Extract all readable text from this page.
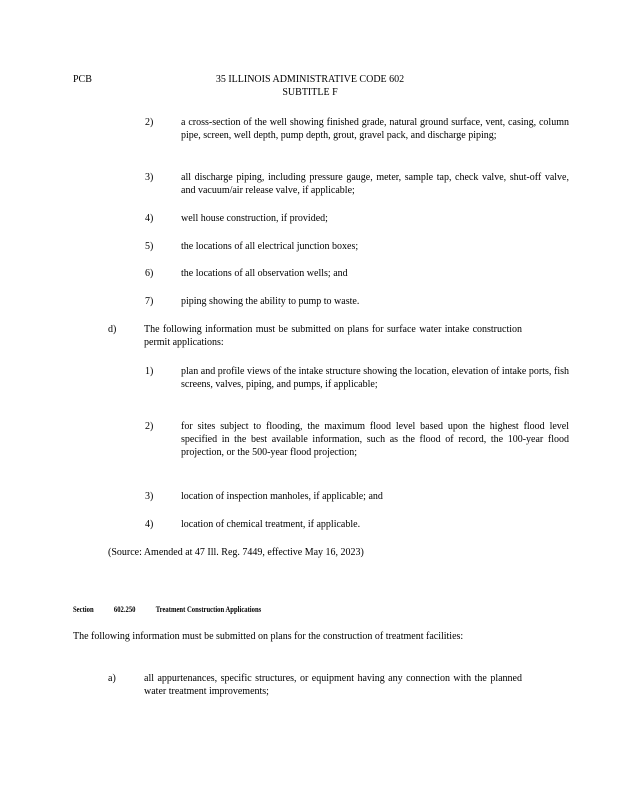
PCB	35 ILLINOIS ADMINISTRATIVE CODE 602
SUBTITLE F
2)	a cross-section of the well showing finished grade, natural ground surface, vent, casing, column pipe, screen, well depth, pump depth, grout, gravel pack, and discharge piping;
3)	all discharge piping, including pressure gauge, meter, sample tap, check valve, shut-off valve, and vacuum/air release valve, if applicable;
4)	well house construction, if provided;
5)	the locations of all electrical junction boxes;
6)	the locations of all observation wells; and
7)	piping showing the ability to pump to waste.
d)	The following information must be submitted on plans for surface water intake construction permit applications:
1)	plan and profile views of the intake structure showing the location, elevation of intake ports, fish screens, valves, piping, and pumps, if applicable;
2)	for sites subject to flooding, the maximum flood level based upon the highest flood level specified in the best available information, such as the flood of record, the 100-year flood projection, or the 500-year flood projection;
3)	location of inspection manholes, if applicable; and
4)	location of chemical treatment, if applicable.
(Source: Amended at 47 Ill. Reg. 7449, effective May 16, 2023)
Section 602.250 Treatment Construction Applications
The following information must be submitted on plans for the construction of treatment facilities:
a)	all appurtenances, specific structures, or equipment having any connection with the planned water treatment improvements;
